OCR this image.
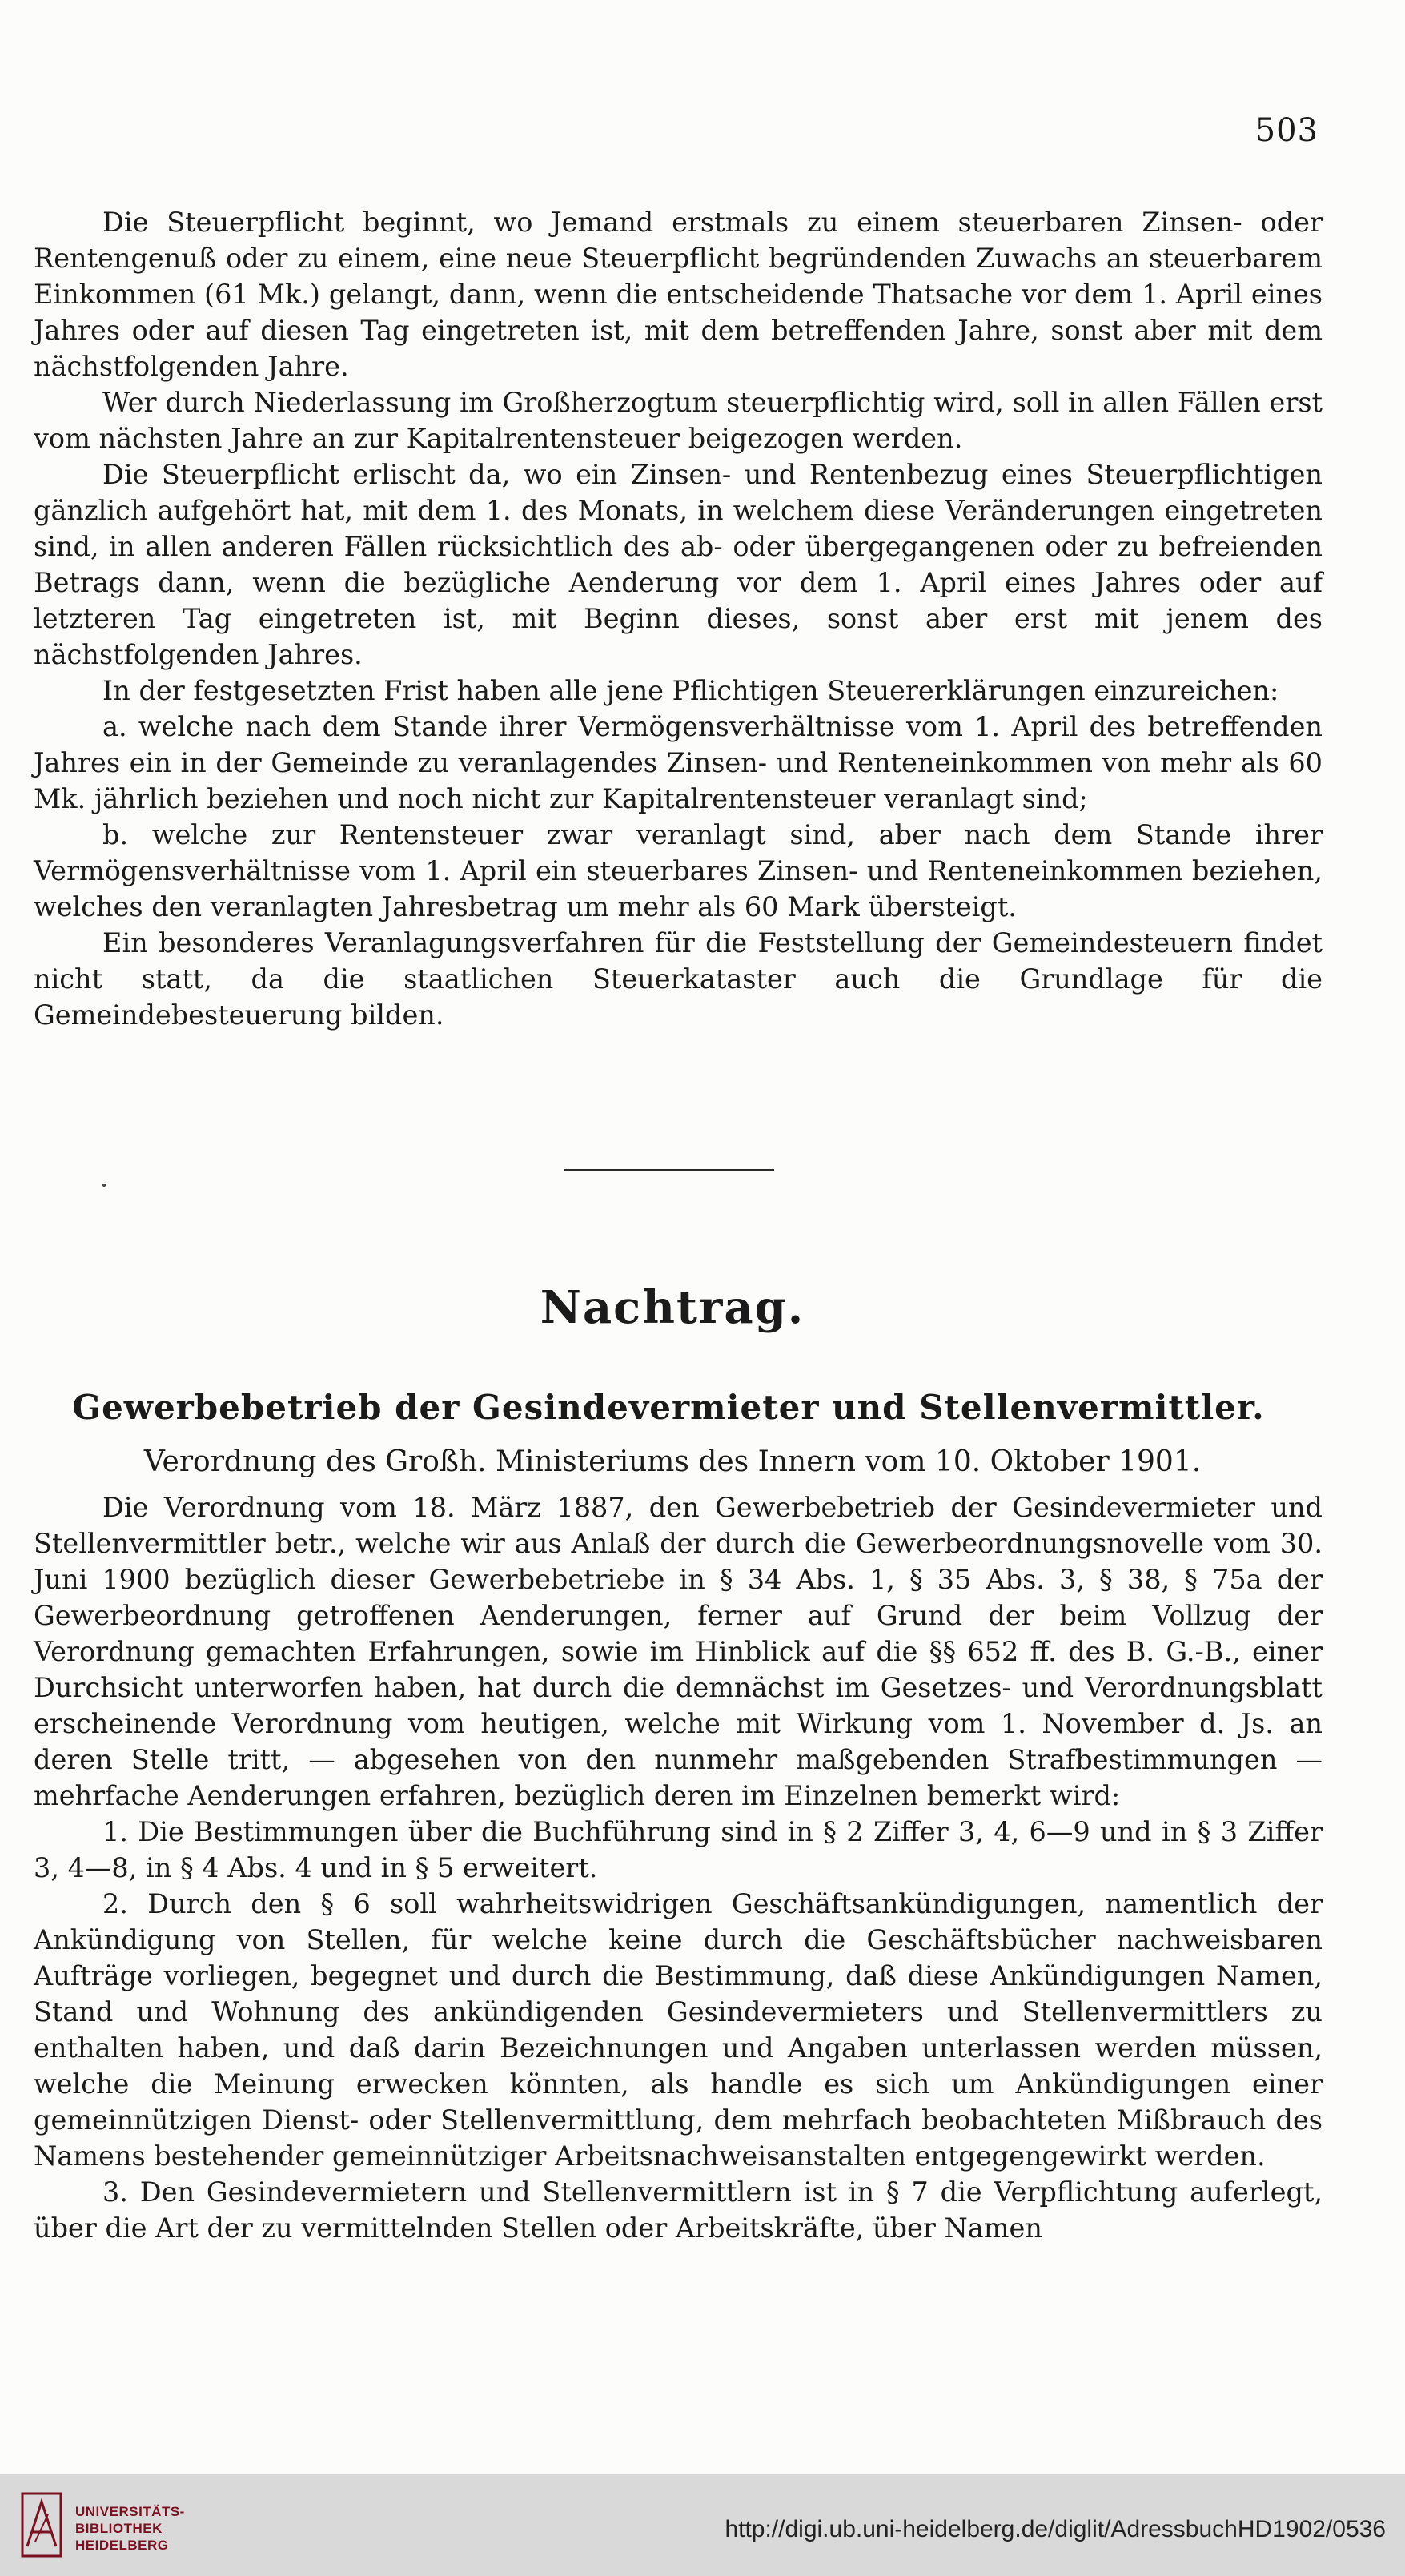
503

Die Steuerpflicht beginnt, wo Jemand erstmals zu einem steuerbaren Zinsen- oder Rentengenuß oder zu einem, eine neue Steuerpflicht begründenden Zuwachs an steuerbarem Einkommen (61 Mk.) gelangt, dann, wenn die entscheidende Thatsache vor dem 1. April eines Jahres oder auf diesen Tag eingetreten ist, mit dem betreffenden Jahre, sonst aber mit dem nächstfolgenden Jahre.

Wer durch Niederlassung im Großherzogtum steuerpflichtig wird, soll in allen Fällen erst vom nächsten Jahre an zur Kapitalrentensteuer beigezogen werden.

Die Steuerpflicht erlischt da, wo ein Zinsen- und Rentenbezug eines Steuerpflichtigen gänzlich aufgehört hat, mit dem 1. des Monats, in welchem diese Veränderungen eingetreten sind, in allen anderen Fällen rücksichtlich des ab- oder übergegangenen oder zu befreienden Betrags dann, wenn die bezügliche Aenderung vor dem 1. April eines Jahres oder auf letzteren Tag eingetreten ist, mit Beginn dieses, sonst aber erst mit jenem des nächstfolgenden Jahres.

In der festgesetzten Frist haben alle jene Pflichtigen Steuererklärungen einzureichen:

a. welche nach dem Stande ihrer Vermögensverhältnisse vom 1. April des betreffenden Jahres ein in der Gemeinde zu veranlagendes Zinsen- und Renteneinkommen von mehr als 60 Mk. jährlich beziehen und noch nicht zur Kapitalrentensteuer veranlagt sind;

b. welche zur Rentensteuer zwar veranlagt sind, aber nach dem Stande ihrer Vermögensverhältnisse vom 1. April ein steuerbares Zinsen- und Renteneinkommen beziehen, welches den veranlagten Jahresbetrag um mehr als 60 Mark übersteigt.

Ein besonderes Veranlagungsverfahren für die Feststellung der Gemeindesteuern findet nicht statt, da die staatlichen Steuerkataster auch die Grundlage für die Gemeindebesteuerung bilden.

Nachtrag.
Gewerbebetrieb der Gesindevermieter und Stellenvermittler.
Verordnung des Großh. Ministeriums des Innern vom 10. Oktober 1901.

Die Verordnung vom 18. März 1887, den Gewerbebetrieb der Gesindevermieter und Stellenvermittler betr., welche wir aus Anlaß der durch die Gewerbeordnungsnovelle vom 30. Juni 1900 bezüglich dieser Gewerbebetriebe in § 34 Abs. 1, § 35 Abs. 3, § 38, § 75a der Gewerbeordnung getroffenen Aenderungen, ferner auf Grund der beim Vollzug der Verordnung gemachten Erfahrungen, sowie im Hinblick auf die §§ 652 ff. des B. G.-B., einer Durchsicht unterworfen haben, hat durch die demnächst im Gesetzes- und Verordnungsblatt erscheinende Verordnung vom heutigen, welche mit Wirkung vom 1. November d. Js. an deren Stelle tritt, — abgesehen von den nunmehr maßgebenden Strafbestimmungen — mehrfache Aenderungen erfahren, bezüglich deren im Einzelnen bemerkt wird:

1. Die Bestimmungen über die Buchführung sind in § 2 Ziffer 3, 4, 6—9 und in § 3 Ziffer 3, 4—8, in § 4 Abs. 4 und in § 5 erweitert.

2. Durch den § 6 soll wahrheitswidrigen Geschäftsankündigungen, namentlich der Ankündigung von Stellen, für welche keine durch die Geschäftsbücher nachweisbaren Aufträge vorliegen, begegnet und durch die Bestimmung, daß diese Ankündigungen Namen, Stand und Wohnung des ankündigenden Gesindevermieters und Stellenvermittlers zu enthalten haben, und daß darin Bezeichnungen und Angaben unterlassen werden müssen, welche die Meinung erwecken könnten, als handle es sich um Ankündigungen einer gemeinnützigen Dienst- oder Stellenvermittlung, dem mehrfach beobachteten Mißbrauch des Namens bestehender gemeinnütziger Arbeitsnachweisanstalten entgegengewirkt werden.

3. Den Gesindevermietern und Stellenvermittlern ist in § 7 die Verpflichtung auferlegt, über die Art der zu vermittelnden Stellen oder Arbeitskräfte, über Namen

UNIVERSITÄTS-
BIBLIOTHEK
HEIDELBERG
http://digi.ub.uni-heidelberg.de/diglit/AdressbuchHD1902/0536
